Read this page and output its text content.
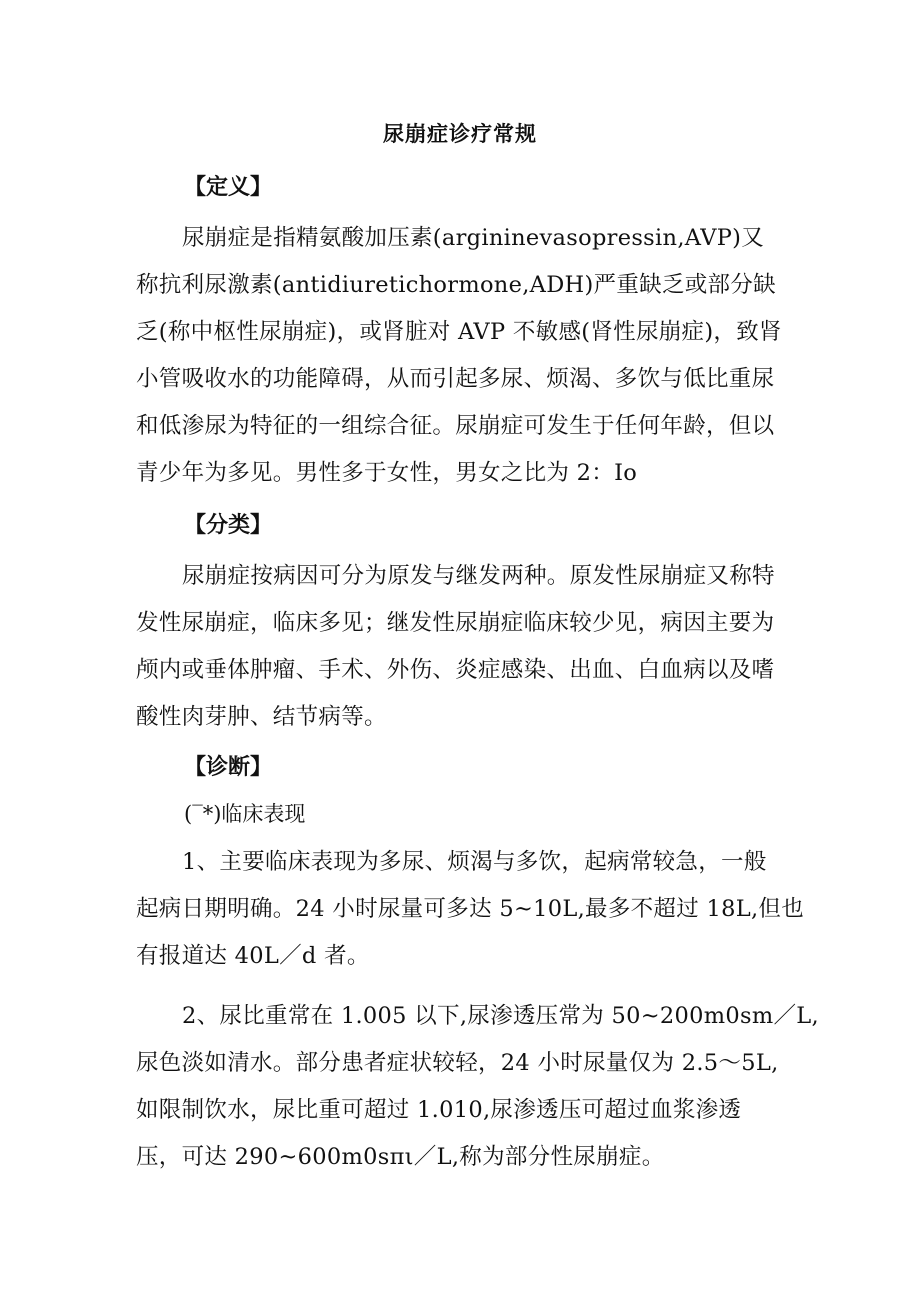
尿崩症诊疗常规
【定义】

尿崩症是指精氨酸加压素(argininevasopressin,AVP)又
称抗利尿激素(antidiuretichormone,ADH)严重缺乏或部分缺
乏(称中枢性尿崩症)，或肾脏对 AVP 不敏感(肾性尿崩症)，致肾
小管吸收水的功能障碍，从而引起多尿、烦渴、多饮与低比重尿
和低渗尿为特征的一组综合征。尿崩症可发生于任何年龄，但以
青少年为多见。男性多于女性，男女之比为 2：Io

【分类】

尿崩症按病因可分为原发与继发两种。原发性尿崩症又称特
发性尿崩症，临床多见；继发性尿崩症临床较少见，病因主要为
颅内或垂体肿瘤、手术、外伤、炎症感染、出血、白血病以及嗜
酸性肉芽肿、结节病等。

【诊断】
(‾*)临床表现

1、主要临床表现为多尿、烦渴与多饮，起病常较急，一般
起病日期明确。24 小时尿量可多达 5~10L,最多不超过 18L,但也
有报道达 40L／d 者。

2、尿比重常在 1.005 以下,尿渗透压常为 50~200m0sm／L,
尿色淡如清水。部分患者症状较轻，24 小时尿量仅为 2.5～5L,
如限制饮水，尿比重可超过 1.010,尿渗透压可超过血浆渗透
压，可达 290~600m0sπι／L,称为部分性尿崩症。
